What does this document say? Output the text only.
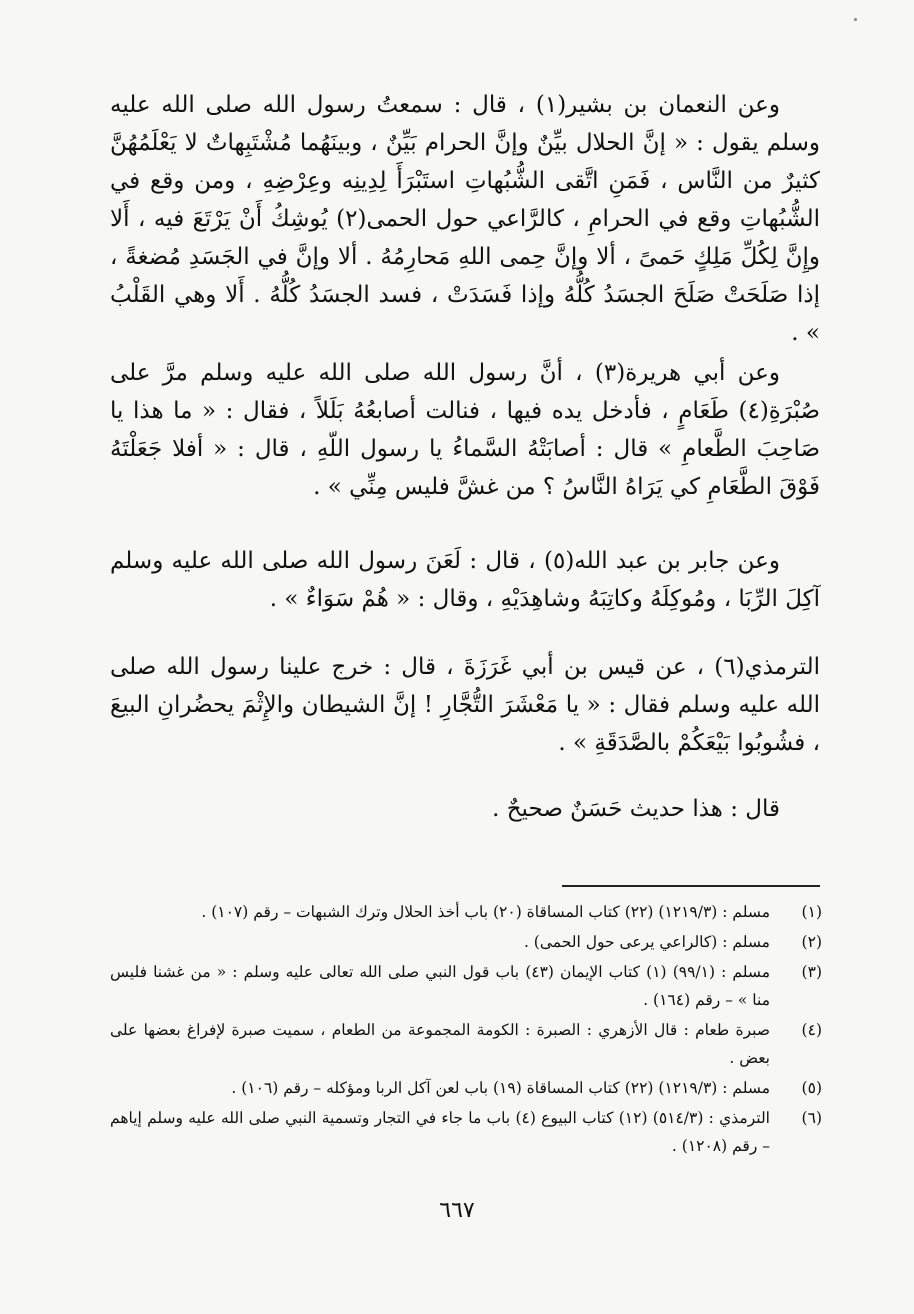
وعن النعمان بن بشير(١) ، قال : سمعتُ رسول الله صلى الله عليه وسلم يقول : « إنَّ الحلال بيِّنٌ وإنَّ الحرام بَيِّنٌ ، وبينَهُما مُشْتَبِهاتٌ لا يَعْلَمُهُنَّ كثيرٌ من النَّاس ، فَمَنِ اتَّقى الشُّبُهاتِ استَبْرَأَ لِدِينِه وعِرْضِهِ ، ومن وقع في الشُّبُهاتِ وقع في الحرامِ ، كالرَّاعي حول الحمى(٢) يُوشِكُ أَنْ يَرْتَعَ فيه ، أَلا وإِنَّ لِكُلِّ مَلِكٍ حَمىً ، ألا وإنَّ حِمى اللهِ مَحارِمُهُ . ألا وإنَّ في الجَسَدِ مُضغةً ، إذا صَلَحَتْ صَلَحَ الجسَدُ كُلُّهُ وإذا فَسَدَتْ ، فسد الجسَدُ كُلُّهُ . أَلا وهي القَلْبُ » .

وعن أبي هريرة(٣) ، أنَّ رسول الله صلى الله عليه وسلم مرَّ على صُبْرَةِ(٤) طَعَامٍ ، فأدخل يده فيها ، فنالت أصابعُهُ بَلَلاً ، فقال : « ما هذا يا صَاحِبَ الطَّعامِ » قال : أصابَتْهُ السَّماءُ يا رسول اللّهِ ، قال : « أفلا جَعَلْتَهُ فَوْقَ الطَّعَامِ كي يَرَاهُ النَّاسُ ؟ من غشَّ فليس مِنِّي » .

وعن جابر بن عبد الله(٥) ، قال : لَعَنَ رسول الله صلى الله عليه وسلم آكِلَ الرِّبَا ، ومُوكِلَهُ وكاتِبَهُ وشاهِدَيْهِ ، وقال : « هُمْ سَوَاءٌ » .

الترمذي(٦) ، عن قيس بن أبي غَرَزَةَ ، قال : خرج علينا رسول الله صلى الله عليه وسلم فقال : « يا مَعْشَرَ التُّجَّارِ ! إنَّ الشيطان والإِثْمَ يحضُرانِ البيعَ ، فشُوبُوا بَيْعَكُمْ بالصَّدَقَةِ » .

قال : هذا حديث حَسَنٌ صحيحٌ .

(١)
مسلم : (١٢١٩/٣) (٢٢) كتاب المساقاة (٢٠) باب أخذ الحلال وترك الشبهات – رقم (١٠٧) .
(٢)
مسلم : (كالراعي يرعى حول الحمى) .
(٣)
مسلم : (٩٩/١) (١) كتاب الإيمان (٤٣) باب قول النبي صلى الله تعالى عليه وسلم : « من غشنا فليس منا » – رقم (١٦٤) .
(٤)
صبرة طعام : قال الأزهري : الصبرة : الكومة المجموعة من الطعام ، سميت صبرة لإفراغ بعضها على بعض .
(٥)
مسلم : (١٢١٩/٣) (٢٢) كتاب المساقاة (١٩) باب لعن آكل الربا ومؤكله – رقم (١٠٦) .
(٦)
الترمذي : (٥١٤/٣) (١٢) كتاب البيوع (٤) باب ما جاء في التجار وتسمية النبي صلى الله عليه وسلم إياهم – رقم (١٢٠٨) .
٦٦٧
